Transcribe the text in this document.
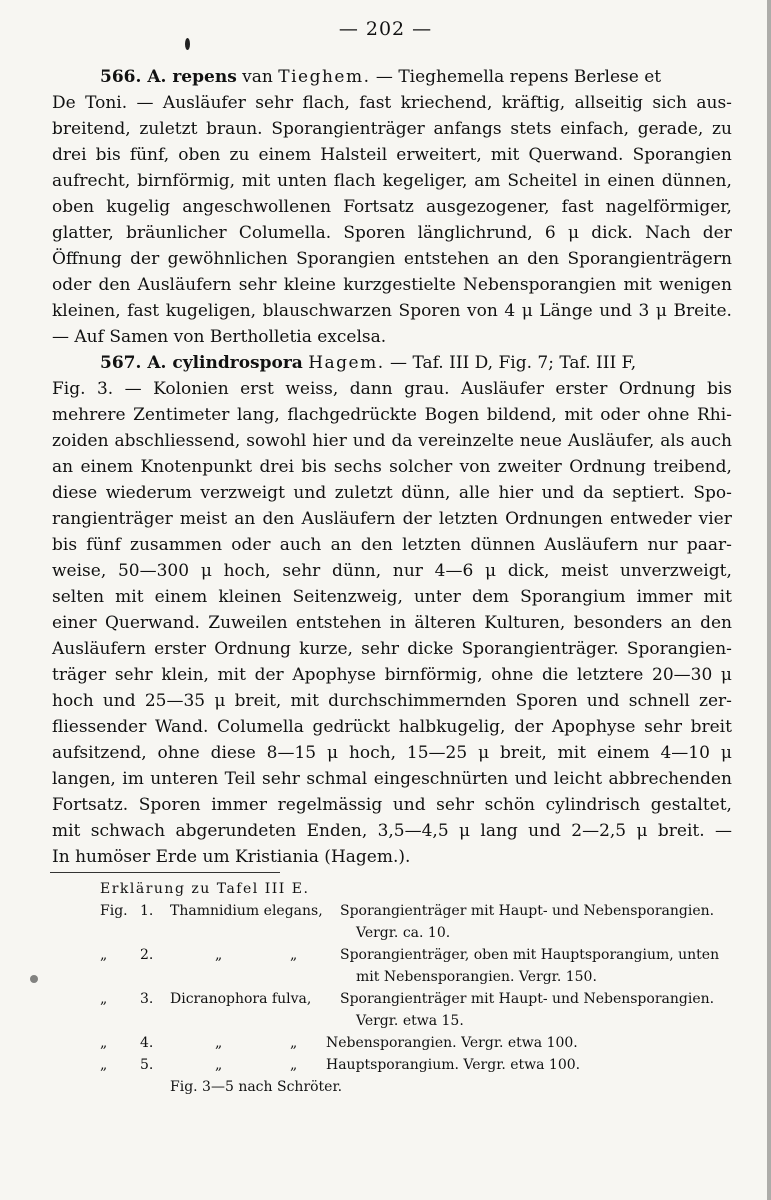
— 202 —
566. A. repens van Tieghem. — Tieghemella repens Berlese et
De Toni. — Ausläufer sehr flach, fast kriechend, kräftig, allseitig sich aus-
breitend, zuletzt braun. Sporangienträger anfangs stets einfach, gerade, zu
drei bis fünf, oben zu einem Halsteil erweitert, mit Querwand. Sporangien
aufrecht, birnförmig, mit unten flach kegeliger, am Scheitel in einen dünnen,
oben kugelig angeschwollenen Fortsatz ausgezogener, fast nagelförmiger,
glatter, bräunlicher Columella. Sporen länglichrund, 6 μ dick. Nach der
Öffnung der gewöhnlichen Sporangien entstehen an den Sporangienträgern
oder den Ausläufern sehr kleine kurzgestielte Nebensporangien mit wenigen
kleinen, fast kugeligen, blauschwarzen Sporen von 4 μ Länge und 3 μ Breite.
— Auf Samen von Bertholletia excelsa.
567. A. cylindrospora Hagem. — Taf. III D, Fig. 7; Taf. III F,
Fig. 3. — Kolonien erst weiss, dann grau. Ausläufer erster Ordnung bis
mehrere Zentimeter lang, flachgedrückte Bogen bildend, mit oder ohne Rhi-
zoiden abschliessend, sowohl hier und da vereinzelte neue Ausläufer, als auch
an einem Knotenpunkt drei bis sechs solcher von zweiter Ordnung treibend,
diese wiederum verzweigt und zuletzt dünn, alle hier und da septiert. Spo-
rangienträger meist an den Ausläufern der letzten Ordnungen entweder vier
bis fünf zusammen oder auch an den letzten dünnen Ausläufern nur paar-
weise, 50—300 μ hoch, sehr dünn, nur 4—6 μ dick, meist unverzweigt,
selten mit einem kleinen Seitenzweig, unter dem Sporangium immer mit
einer Querwand. Zuweilen entstehen in älteren Kulturen, besonders an den
Ausläufern erster Ordnung kurze, sehr dicke Sporangienträger. Sporangien-
träger sehr klein, mit der Apophyse birnförmig, ohne die letztere 20—30 μ
hoch und 25—35 μ breit, mit durchschimmernden Sporen und schnell zer-
fliessender Wand. Columella gedrückt halbkugelig, der Apophyse sehr breit
aufsitzend, ohne diese 8—15 μ hoch, 15—25 μ breit, mit einem 4—10 μ
langen, im unteren Teil sehr schmal eingeschnürten und leicht abbrechenden
Fortsatz. Sporen immer regelmässig und sehr schön cylindrisch gestaltet,
mit schwach abgerundeten Enden, 3,5—4,5 μ lang und 2—2,5 μ breit. —
In humöser Erde um Kristiania (Hagem.).
Erklärung zu Tafel III E.
Fig. 1. Thamnidium elegans, Sporangienträger mit Haupt- und Nebensporangien.
Vergr. ca. 10.
„ 2.	„	„	Sporangienträger, oben mit Hauptsporangium, unten
mit Nebensporangien. Vergr. 150.
„ 3. Dicranophora fulva, Sporangienträger mit Haupt- und Nebensporangien.
Vergr. etwa 15.
„ 4.	„	„ Nebensporangien. Vergr. etwa 100.
„ 5.	„	„ Hauptsporangium. Vergr. etwa 100.
Fig. 3—5 nach Schröter.
